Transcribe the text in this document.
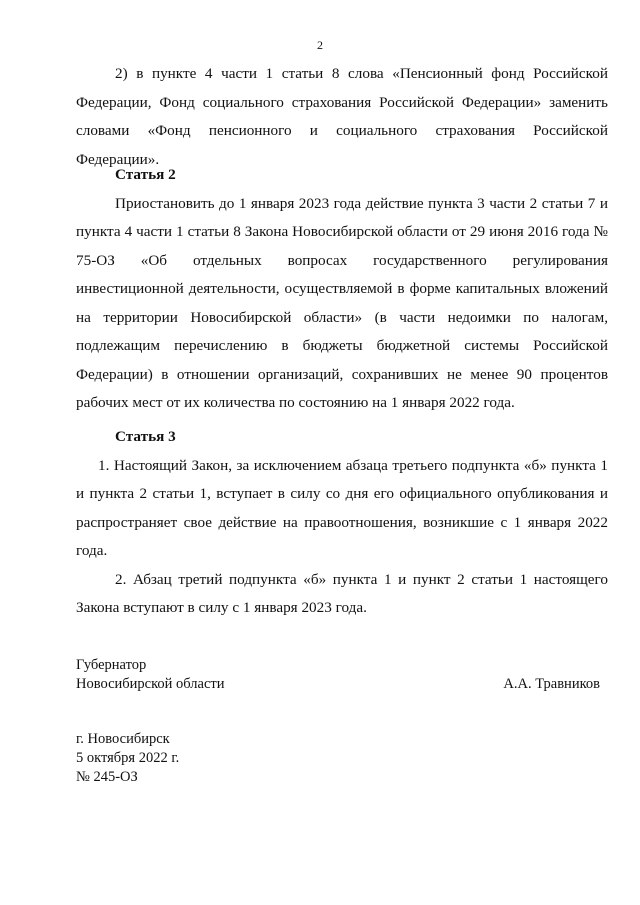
2

2) в пункте 4 части 1 статьи 8 слова «Пенсионный фонд Российской Федерации, Фонд социального страхования Российской Федерации» заменить словами «Фонд пенсионного и социального страхования Российской Федерации».

Статья 2

Приостановить до 1 января 2023 года действие пункта 3 части 2 статьи 7 и пункта 4 части 1 статьи 8 Закона Новосибирской области от 29 июня 2016 года № 75-ОЗ «Об отдельных вопросах государственного регулирования инвестиционной деятельности, осуществляемой в форме капитальных вложений на территории Новосибирской области» (в части недоимки по налогам, подлежащим перечислению в бюджеты бюджетной системы Российской Федерации) в отношении организаций, сохранивших не менее 90 процентов рабочих мест от их количества по состоянию на 1 января 2022 года.

Статья 3

1. Настоящий Закон, за исключением абзаца третьего подпункта «б» пункта 1 и пункта 2 статьи 1, вступает в силу со дня его официального опубликования и распространяет свое действие на правоотношения, возникшие с 1 января 2022 года.

2. Абзац третий подпункта «б» пункта 1 и пункт 2 статьи 1 настоящего Закона вступают в силу с 1 января 2023 года.

Губернатор
Новосибирской области	А.А. Травников
г. Новосибирск
5 октября 2022 г.
№ 245-ОЗ
